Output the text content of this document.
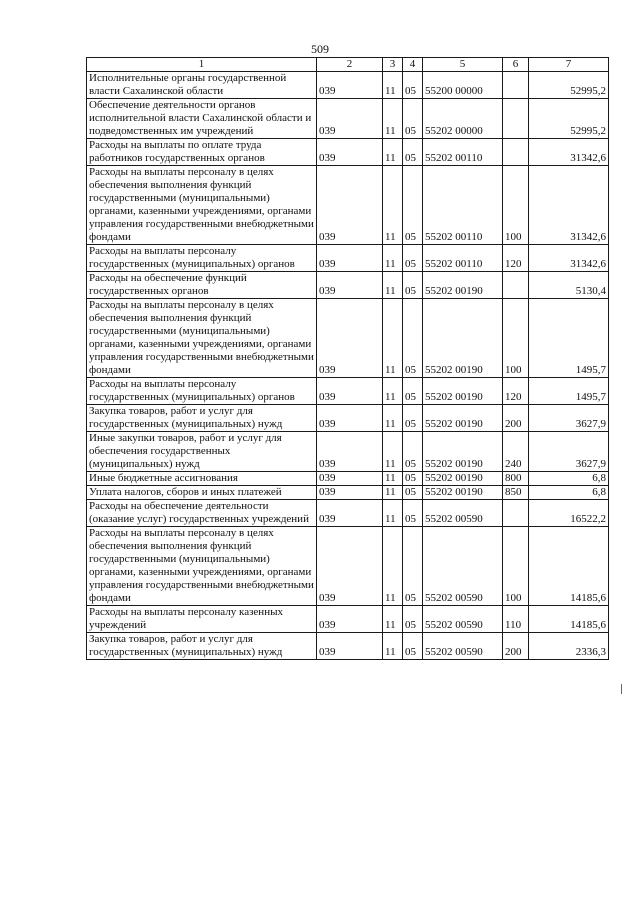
509
1	2	3	4	5	6	7
Исполнительные органы государственной власти Сахалинской области	039	11	05	55200 00000		52995,2
Обеспечение деятельности органов исполнительной власти Сахалинской области и подведомственных им учреждений	039	11	05	55202 00000		52995,2
Расходы на выплаты по оплате труда работников государственных органов	039	11	05	55202 00110		31342,6
Расходы на выплаты персоналу в целях обеспечения выполнения функций государственными (муниципальными) органами, казенными учреждениями, органами управления государственными внебюджетными фондами	039	11	05	55202 00110	100	31342,6
Расходы на выплаты персоналу государственных (муниципальных) органов	039	11	05	55202 00110	120	31342,6
Расходы на обеспечение функций государственных органов	039	11	05	55202 00190		5130,4
Расходы на выплаты персоналу в целях обеспечения выполнения функций государственными (муниципальными) органами, казенными учреждениями, органами управления государственными внебюджетными фондами	039	11	05	55202 00190	100	1495,7
Расходы на выплаты персоналу государственных (муниципальных) органов	039	11	05	55202 00190	120	1495,7
Закупка товаров, работ и услуг для государственных (муниципальных) нужд	039	11	05	55202 00190	200	3627,9
Иные закупки товаров, работ и услуг для обеспечения государственных (муниципальных) нужд	039	11	05	55202 00190	240	3627,9
Иные бюджетные ассигнования	039	11	05	55202 00190	800	6,8
Уплата налогов, сборов и иных платежей	039	11	05	55202 00190	850	6,8
Расходы на обеспечение деятельности (оказание услуг) государственных учреждений	039	11	05	55202 00590		16522,2
Расходы на выплаты персоналу в целях обеспечения выполнения функций государственными (муниципальными) органами, казенными учреждениями, органами управления государственными внебюджетными фондами	039	11	05	55202 00590	100	14185,6
Расходы на выплаты персоналу казенных учреждений	039	11	05	55202 00590	110	14185,6
Закупка товаров, работ и услуг для государственных (муниципальных) нужд	039	11	05	55202 00590	200	2336,3
